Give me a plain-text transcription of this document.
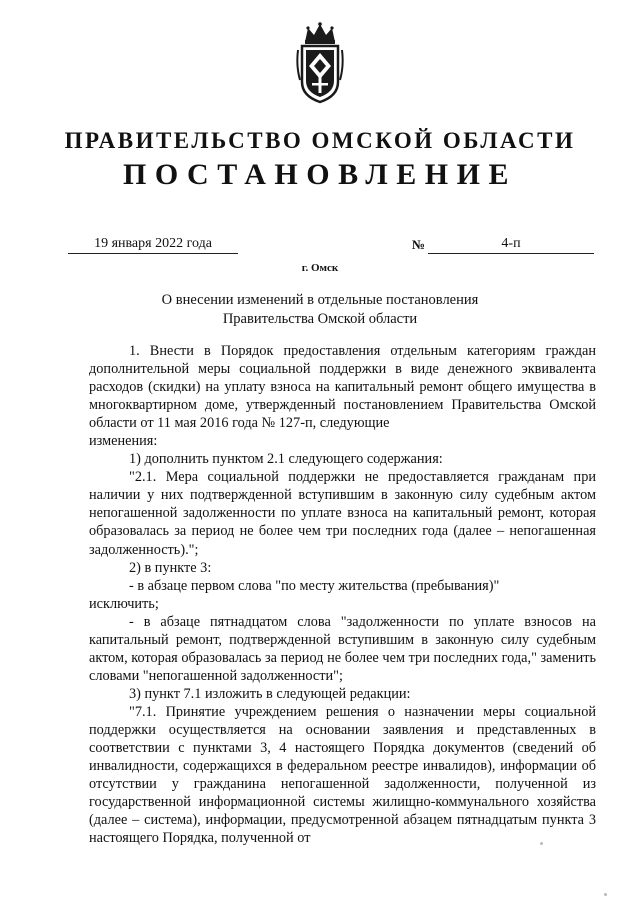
ПРАВИТЕЛЬСТВО ОМСКОЙ ОБЛАСТИ
ПОСТАНОВЛЕНИЕ
19 января 2022 года	№	4-п
г. Омск
О внесении изменений в отдельные постановления Правительства Омской области

1. Внести в Порядок предоставления отдельным категориям граждан дополнительной меры социальной поддержки в виде денежного эквивалента расходов (скидки) на уплату взноса на капитальный ремонт общего имущества в многоквартирном доме, утвержденный постановлением Правительства Омской области от 11 мая 2016 года № 127-п, следующие

изменения:

1) дополнить пунктом 2.1 следующего содержания:

"2.1. Мера социальной поддержки не предоставляется гражданам при наличии у них подтвержденной вступившим в законную силу судебным актом непогашенной задолженности по уплате взноса на капитальный ремонт, которая образовалась за период не более чем три последних года (далее – непогашенная задолженность).";

2) в пункте 3:

- в абзаце первом слова "по месту жительства (пребывания)"

исключить;

- в абзаце пятнадцатом слова "задолженности по уплате взносов на капитальный ремонт, подтвержденной вступившим в законную силу судебным актом, которая образовалась за период не более чем три последних года," заменить словами "непогашенной задолженности";

3) пункт 7.1 изложить в следующей редакции:

"7.1. Принятие учреждением решения о назначении меры социальной поддержки осуществляется на основании заявления и представленных в соответствии с пунктами 3, 4 настоящего Порядка документов (сведений об инвалидности, содержащихся в федеральном реестре инвалидов), информации об отсутствии у гражданина непогашенной задолженности, полученной из государственной информационной системы жилищно-коммунального хозяйства (далее – система), информации, предусмотренной абзацем пятнадцатым пункта 3 настоящего Порядка, полученной от
